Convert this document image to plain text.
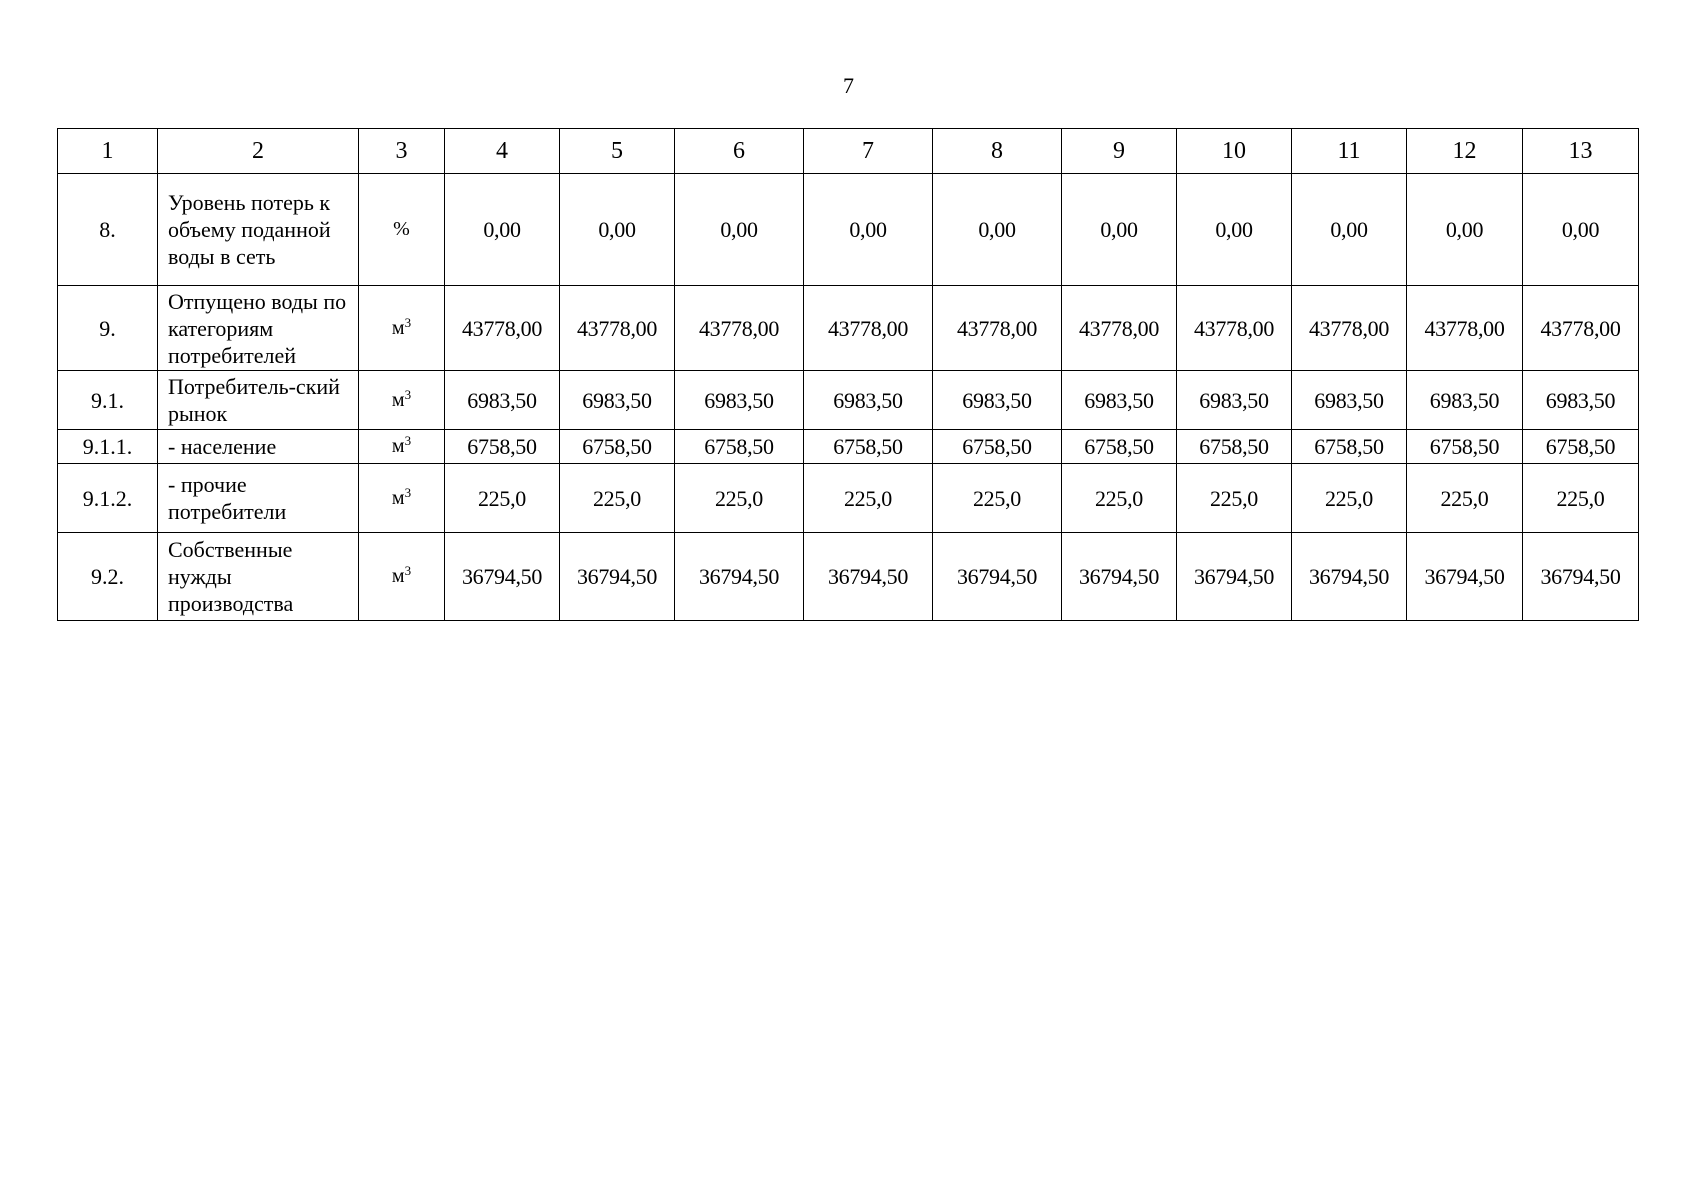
7
1	2	3	4	5	6	7	8	9	10	11	12	13
8.	Уровень потерь к объему поданной воды в сеть	%	0,00	0,00	0,00	0,00	0,00	0,00	0,00	0,00	0,00	0,00
9.	Отпущено воды по категориям потребителей	$м^3$	43778,00	43778,00	43778,00	43778,00	43778,00	43778,00	43778,00	43778,00	43778,00	43778,00
9.1.	Потребитель-ский рынок	$м^3$	6983,50	6983,50	6983,50	6983,50	6983,50	6983,50	6983,50	6983,50	6983,50	6983,50
9.1.1.	- население	$м^3$	6758,50	6758,50	6758,50	6758,50	6758,50	6758,50	6758,50	6758,50	6758,50	6758,50
9.1.2.	- прочие потребители	$м^3$	225,0	225,0	225,0	225,0	225,0	225,0	225,0	225,0	225,0	225,0
9.2.	Собственные нужды производства	$м^3$	36794,50	36794,50	36794,50	36794,50	36794,50	36794,50	36794,50	36794,50	36794,50	36794,50
